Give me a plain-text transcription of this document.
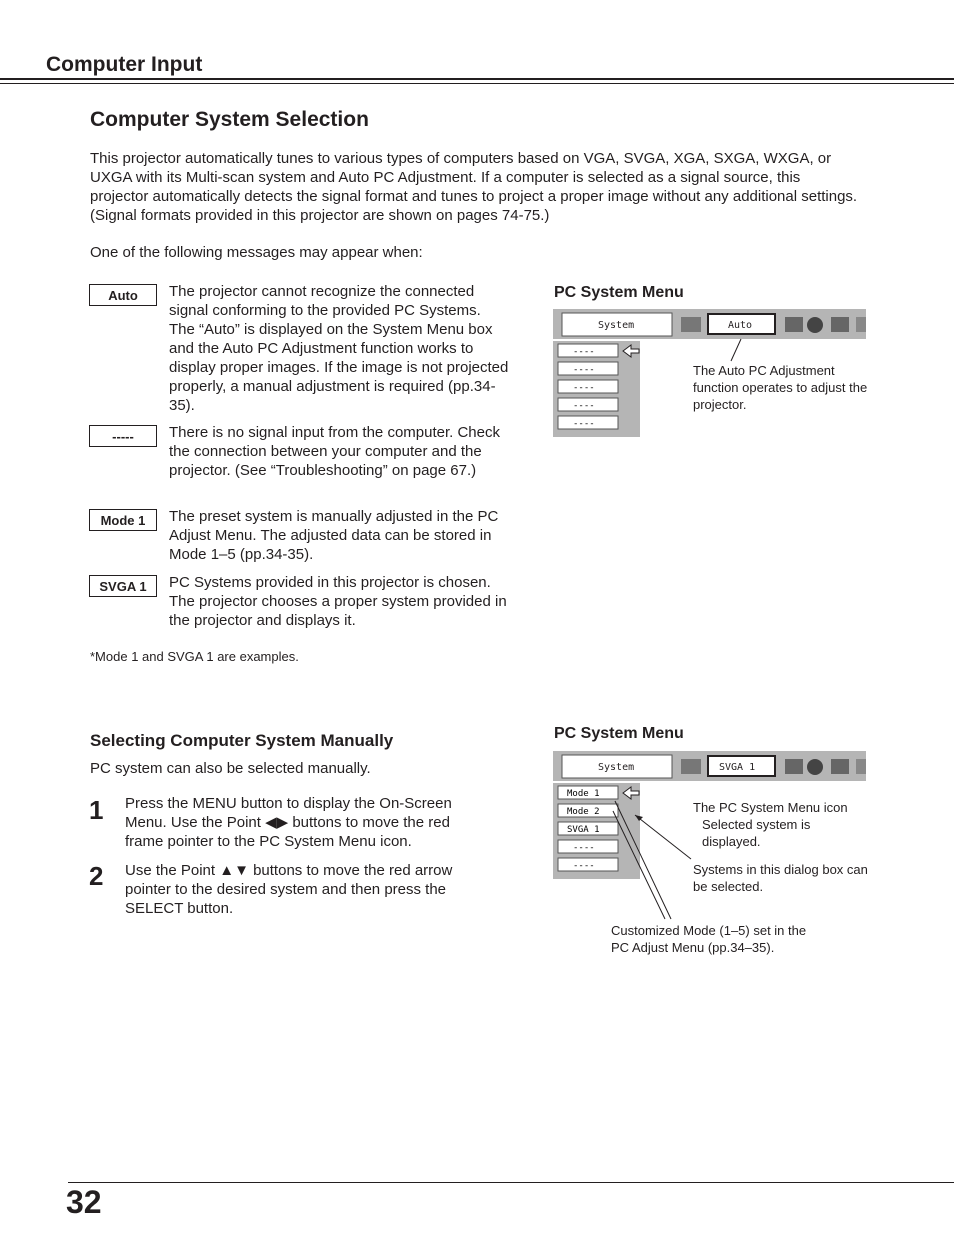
Computer Input
Computer System Selection
This projector automatically tunes to various types of computers based on VGA, SVGA, XGA, SXGA, WXGA, or UXGA with its Multi-scan system and Auto PC Adjustment. If a computer is selected as a signal source, this projector automatically detects the signal format and tunes to project a proper image without any additional settings. (Signal formats provided in this projector are shown on pages 74-75.)
One of the following messages may appear when:
Auto	The projector cannot recognize the connected signal conforming to the provided PC Systems. The “Auto” is displayed on the System Menu box and the Auto PC Adjustment function works to display proper images. If the image is not projected properly, a manual adjustment is required (pp.34-35).
-----	There is no signal input from the computer. Check the connection between your computer and the projector. (See “Troubleshooting” on page 67.)
Mode 1	The preset system is manually adjusted in the PC Adjust Menu. The adjusted data can be stored in Mode 1–5 (pp.34-35).
SVGA 1	PC Systems provided in this projector is chosen. The projector chooses a proper system provided in the projector and displays it.
*Mode 1 and SVGA 1 are examples.
PC System Menu
System	Auto
----
----
----
----
----
The Auto PC Adjustment function operates to adjust the projector.
Selecting Computer System Manually
PC system can also be selected manually.
1 Press the MENU button to display the On-Screen Menu. Use the Point ◀▶ buttons to move the red frame pointer to the PC System Menu icon.
2 Use the Point ▲▼ buttons to move the red arrow pointer to the desired system and then press the SELECT button.
PC System Menu
System	SVGA 1
Mode 1
Mode 2
SVGA 1
----
----
The PC System Menu icon
Selected system is displayed.
Systems in this dialog box can be selected.
Customized Mode (1–5) set in the PC Adjust Menu (pp.34–35).
32
